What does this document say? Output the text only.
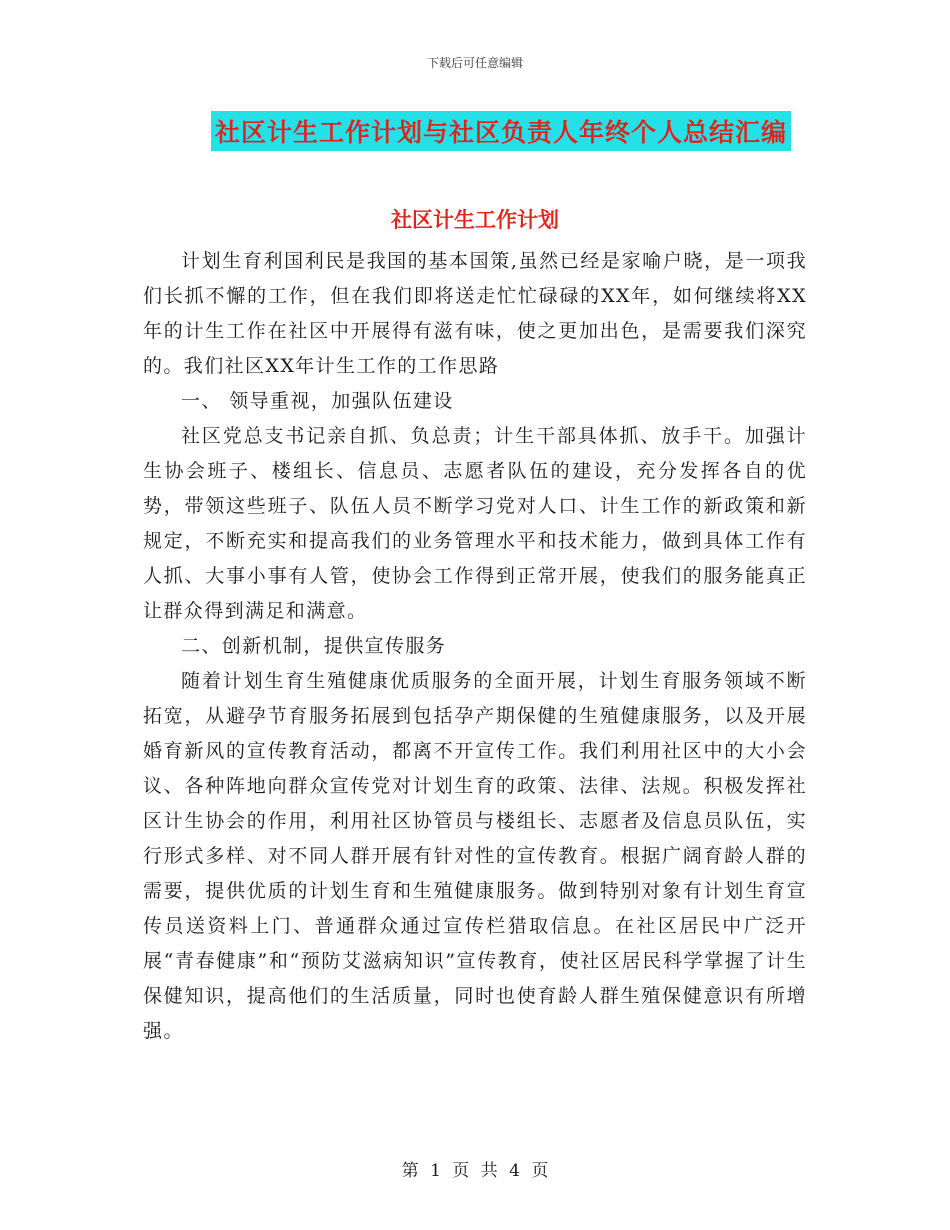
下载后可任意编辑
社区计生工作计划与社区负责人年终个人总结汇编
社区计生工作计划

计划生育利国利民是我国的基本国策,虽然已经是家喻户晓，是一项我们长抓不懈的工作，但在我们即将送走忙忙碌碌的XX年，如何继续将XX年的计生工作在社区中开展得有滋有味，使之更加出色，是需要我们深究的。我们社区XX年计生工作的工作思路

一、 领导重视，加强队伍建设

社区党总支书记亲自抓、负总责；计生干部具体抓、放手干。加强计生协会班子、楼组长、信息员、志愿者队伍的建设，充分发挥各自的优势，带领这些班子、队伍人员不断学习党对人口、计生工作的新政策和新规定，不断充实和提高我们的业务管理水平和技术能力，做到具体工作有人抓、大事小事有人管，使协会工作得到正常开展，使我们的服务能真正让群众得到满足和满意。

二、创新机制，提供宣传服务

随着计划生育生殖健康优质服务的全面开展，计划生育服务领域不断拓宽，从避孕节育服务拓展到包括孕产期保健的生殖健康服务，以及开展婚育新风的宣传教育活动，都离不开宣传工作。我们利用社区中的大小会议、各种阵地向群众宣传党对计划生育的政策、法律、法规。积极发挥社区计生协会的作用，利用社区协管员与楼组长、志愿者及信息员队伍，实行形式多样、对不同人群开展有针对性的宣传教育。根据广阔育龄人群的需要，提供优质的计划生育和生殖健康服务。做到特别对象有计划生育宣传员送资料上门、普通群众通过宣传栏猎取信息。在社区居民中广泛开展“青春健康”和“预防艾滋病知识”宣传教育，使社区居民科学掌握了计生保健知识，提高他们的生活质量，同时也使育龄人群生殖保健意识有所增强。

第 1 页 共 4 页
